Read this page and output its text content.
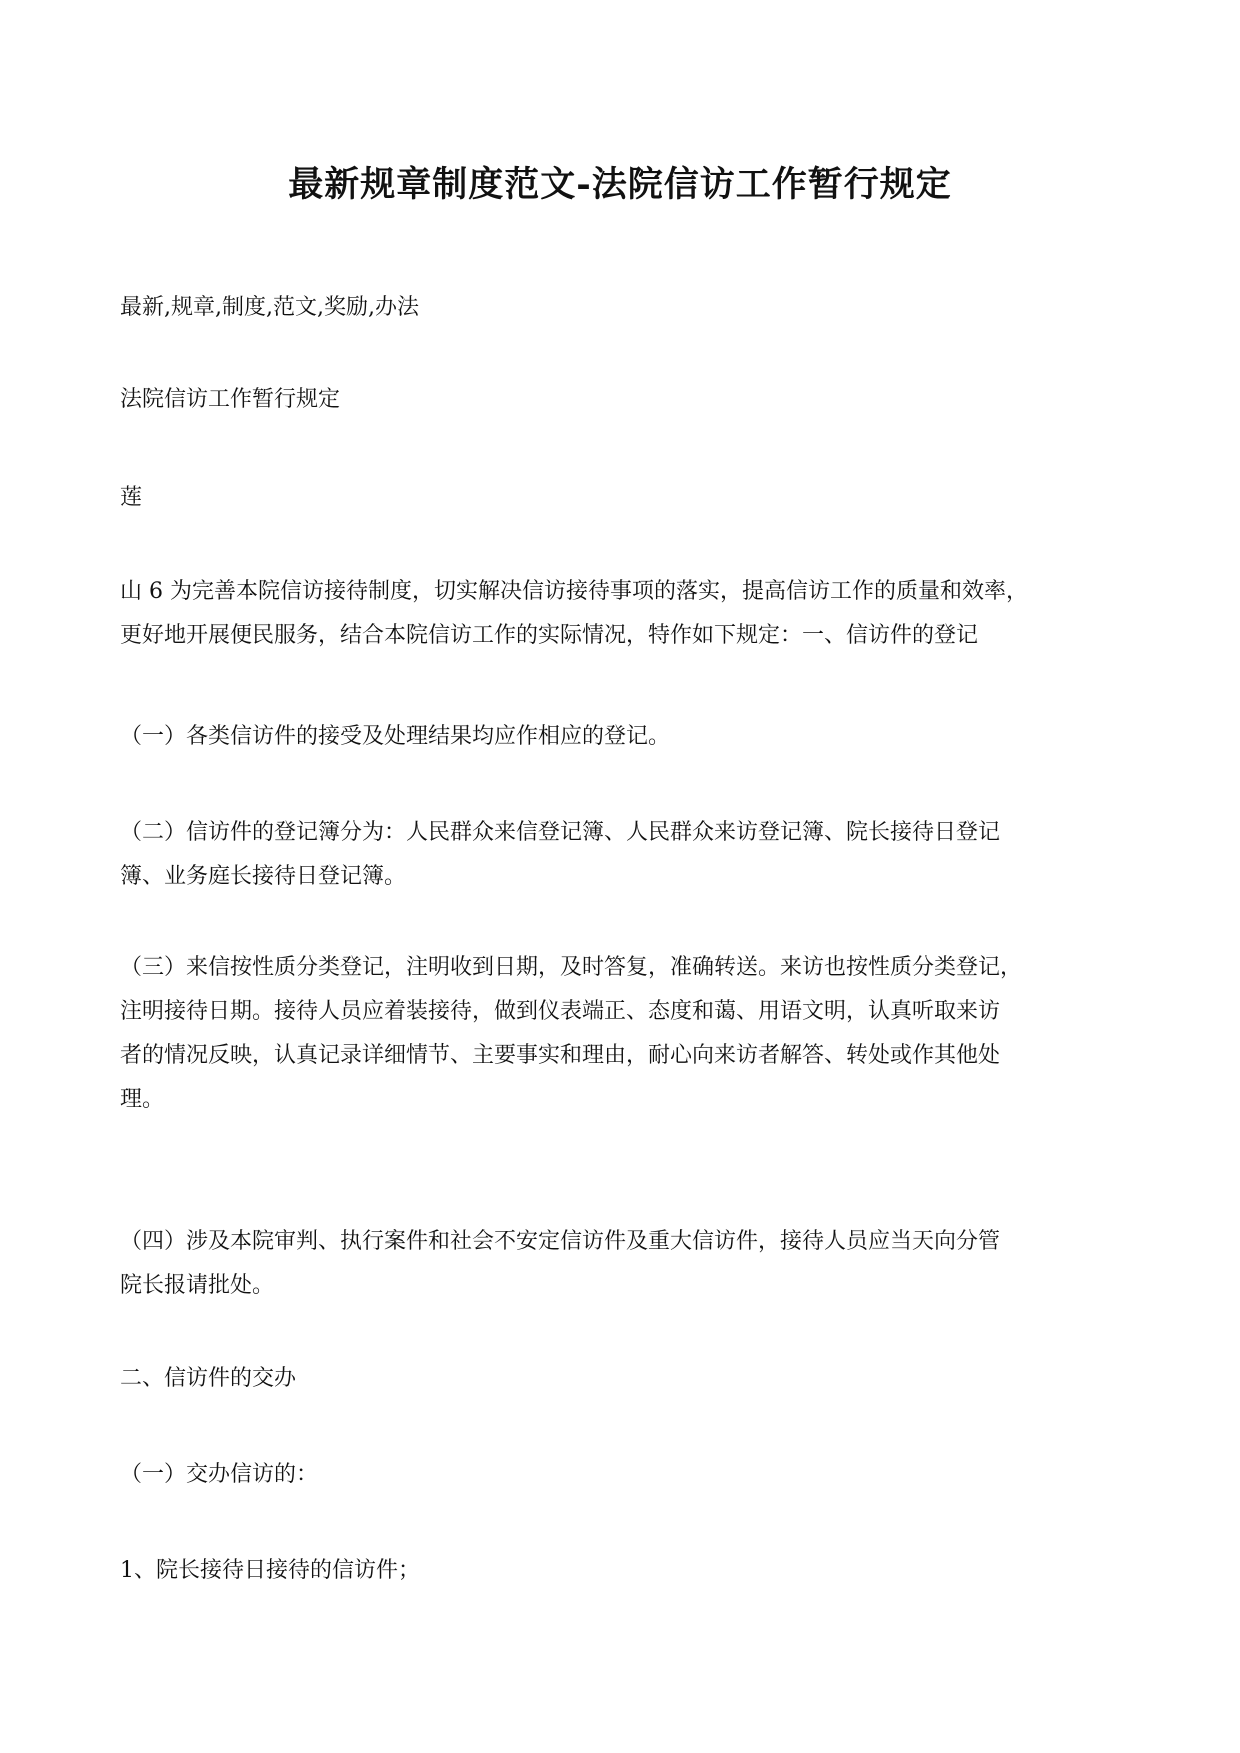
最新规章制度范文-法院信访工作暂行规定

最新,规章,制度,范文,奖励,办法

法院信访工作暂行规定

莲

山 6 为完善本院信访接待制度，切实解决信访接待事项的落实，提高信访工作的质量和效率，
更好地开展便民服务，结合本院信访工作的实际情况，特作如下规定：一、信访件的登记

（一）各类信访件的接受及处理结果均应作相应的登记。

（二）信访件的登记簿分为：人民群众来信登记簿、人民群众来访登记簿、院长接待日登记
簿、业务庭长接待日登记簿。

（三）来信按性质分类登记，注明收到日期，及时答复，准确转送。来访也按性质分类登记，
注明接待日期。接待人员应着装接待，做到仪表端正、态度和蔼、用语文明，认真听取来访
者的情况反映，认真记录详细情节、主要事实和理由，耐心向来访者解答、转处或作其他处
理。

（四）涉及本院审判、执行案件和社会不安定信访件及重大信访件，接待人员应当天向分管
院长报请批处。

二、信访件的交办

（一）交办信访的：

1、院长接待日接待的信访件；
